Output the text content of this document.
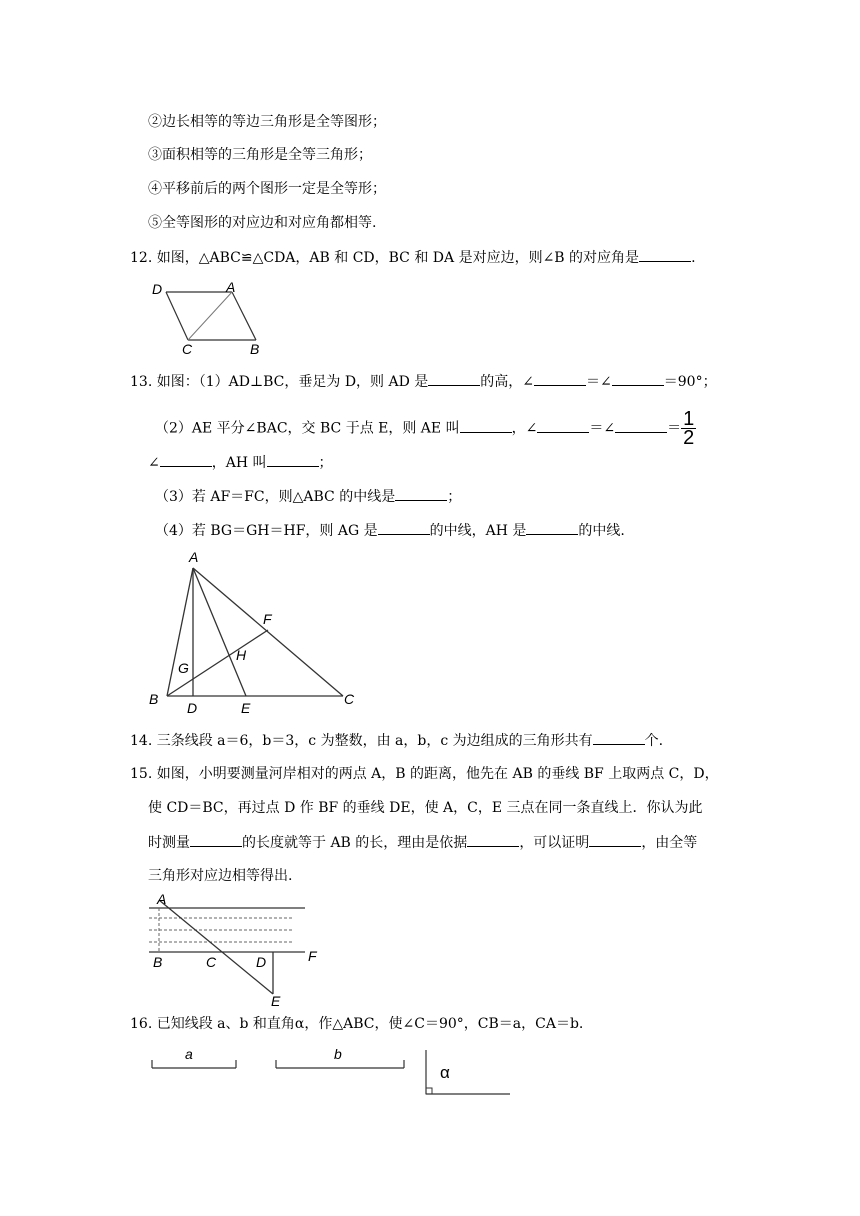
②边长相等的等边三角形是全等图形；
③面积相等的三角形是全等三角形；
④平移前后的两个图形一定是全等形；
⑤全等图形的对应边和对应角都相等.
12. 如图，△ABC≌△CDA，AB 和 CD，BC 和 DA 是对应边，则∠B 的对应角是	.
D	A
C	B
13. 如图：（1）AD⊥BC，垂足为 D，则 AD 是	的高，∠	＝∠	＝90°；
（2）AE 平分∠BAC，交 BC 于点 E，则 AE 叫	，∠	＝∠	＝ $\frac{1}{2}$
∠	，AH 叫	；
（3）若 AF＝FC，则△ABC 的中线是	；
（4）若 BG＝GH＝HF，则 AG 是	的中线，AH 是	的中线.
A
F
G
H
B
D	E
C
14. 三条线段 a＝6，b＝3，c 为整数，由 a，b，c 为边组成的三角形共有	个.
15. 如图，小明要测量河岸相对的两点 A，B 的距离，他先在 AB 的垂线 BF 上取两点 C，D，
使 CD＝BC，再过点 D 作 BF 的垂线 DE，使 A，C，E 三点在同一条直线上．你认为此
时测量	的长度就等于 AB 的长，理由是依据	，可以证明	，由全等
三角形对应边相等得出.
A
B	C	D	F
E
16. 已知线段 a、b 和直角α，作△ABC，使∠C＝90°，CB＝a，CA＝b.
a	b
α
